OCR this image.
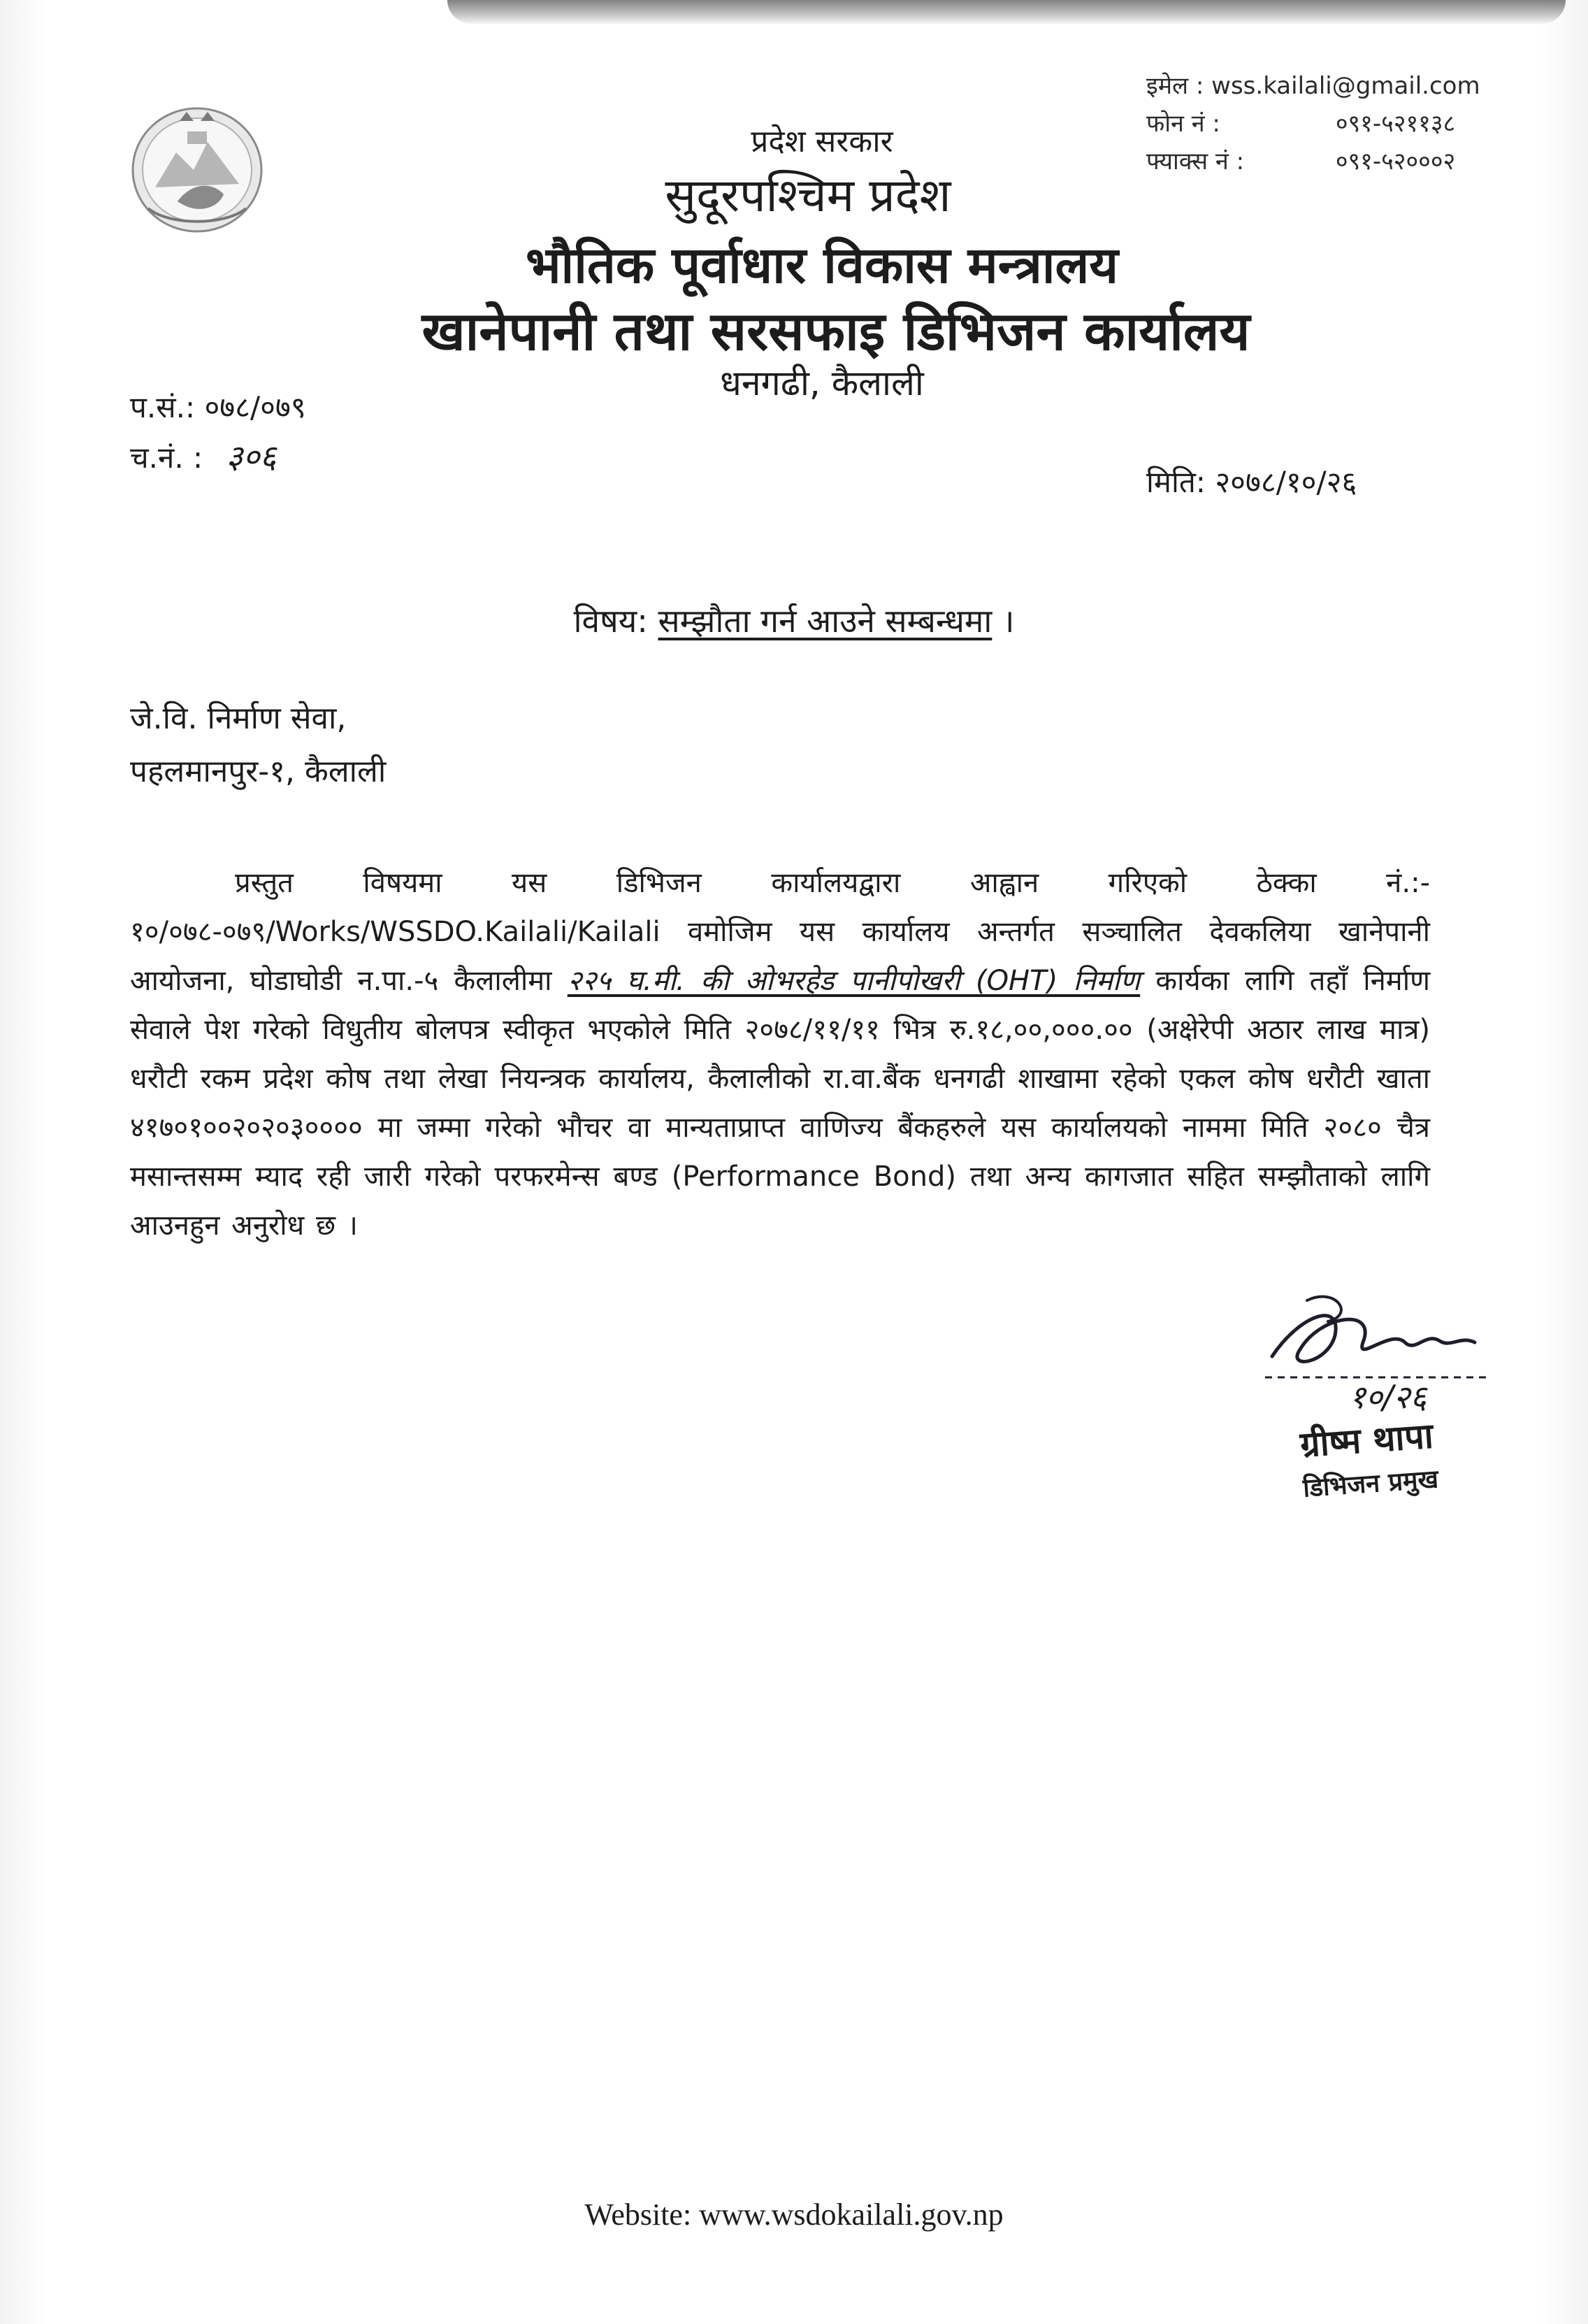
इमेल : wss.kailali@gmail.com
फोन नं :	०९१-५२११३८
फ्याक्स नं :	०९१-५२०००२
प्रदेश सरकार
सुदूरपश्चिम प्रदेश
भौतिक पूर्वाधार विकास मन्त्रालय
खानेपानी तथा सरसफाइ डिभिजन कार्यालय
धनगढी, कैलाली
प.सं.: ०७८/०७९
च.नं. : ३०६
मिति: २०७८/१०/२६
विषय: सम्झौता गर्न आउने सम्बन्धमा ।
जे.वि. निर्माण सेवा,
पहलमानपुर-१, कैलाली
प्रस्तुत विषयमा यस डिभिजन कार्यालयद्वारा आह्वान गरिएको ठेक्का नं.:- १०/०७८-०७९/Works/WSSDO.Kailali/Kailali वमोजिम यस कार्यालय अन्तर्गत सञ्चालित देवकलिया खानेपानी आयोजना, घोडाघोडी न.पा.-५ कैलालीमा २२५ घ.मी. की ओभरहेड पानीपोखरी (OHT) निर्माण कार्यका लागि तहाँ निर्माण सेवाले पेश गरेको विधुतीय बोलपत्र स्वीकृत भएकोले मिति २०७८/११/११ भित्र रु.१८,००,०००.०० (अक्षेरेपी अठार लाख मात्र) धरौटी रकम प्रदेश कोष तथा लेखा नियन्त्रक कार्यालय, कैलालीको रा.वा.बैंक धनगढी शाखामा रहेको एकल कोष धरौटी खाता ४१७०१००२०२०३०००० मा जम्मा गरेको भौचर वा मान्यताप्राप्त वाणिज्य बैंकहरुले यस कार्यालयको नाममा मिति २०८० चैत्र मसान्तसम्म म्याद रही जारी गरेको परफरमेन्स बण्ड (Performance Bond) तथा अन्य कागजात सहित सम्झौताको लागि आउनहुन अनुरोध छ ।
१०/२६
ग्रीष्म थापा
डिभिजन प्रमुख
Website: www.wsdokailali.gov.np
